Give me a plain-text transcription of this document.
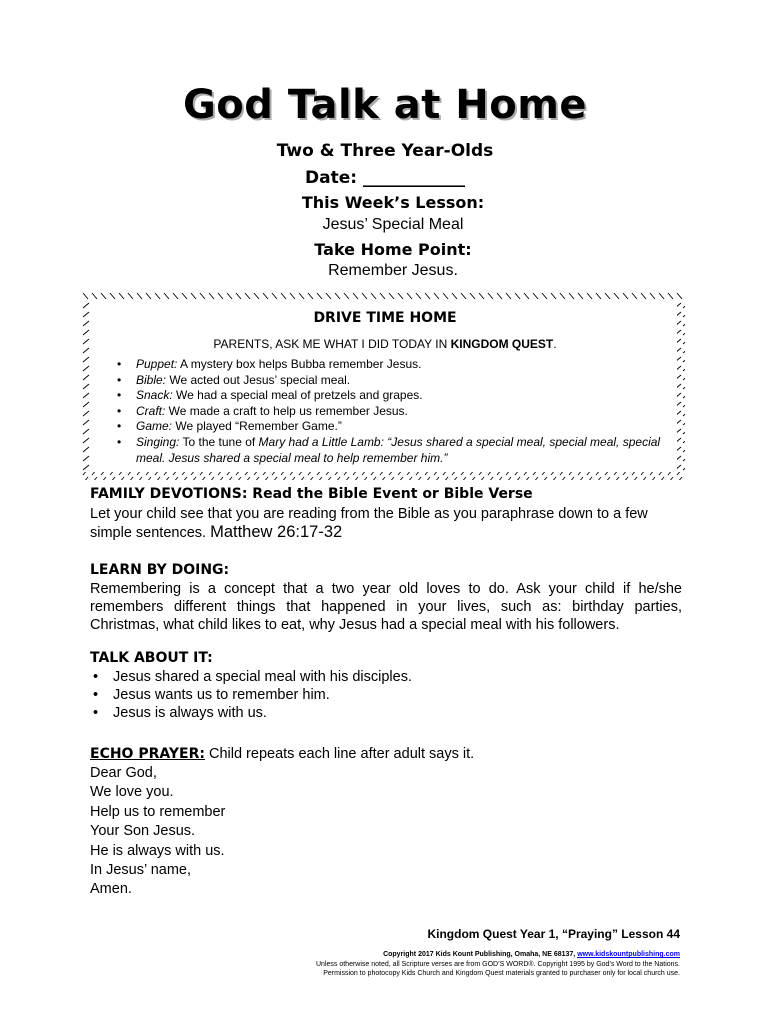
God Talk at Home
Two & Three Year-Olds
Date: ____________
This Week’s Lesson:
Jesus’ Special Meal
Take Home Point:
Remember Jesus.
DRIVE TIME HOME
PARENTS, ASK ME WHAT I DID TODAY IN KINGDOM QUEST.
• Puppet: A mystery box helps Bubba remember Jesus.
• Bible: We acted out Jesus’ special meal.
• Snack: We had a special meal of pretzels and grapes.
• Craft: We made a craft to help us remember Jesus.
• Game: We played “Remember Game.”
• Singing: To the tune of Mary had a Little Lamb: “Jesus shared a special meal, special meal, special meal. Jesus shared a special meal to help remember him.”
FAMILY DEVOTIONS: Read the Bible Event or Bible Verse
Let your child see that you are reading from the Bible as you paraphrase down to a few simple sentences. Matthew 26:17-32
LEARN BY DOING:
Remembering is a concept that a two year old loves to do. Ask your child if he/she remembers different things that happened in your lives, such as: birthday parties, Christmas, what child likes to eat, why Jesus had a special meal with his followers.
TALK ABOUT IT:
• Jesus shared a special meal with his disciples.
• Jesus wants us to remember him.
• Jesus is always with us.
ECHO PRAYER: Child repeats each line after adult says it.
Dear God,
We love you.
Help us to remember
Your Son Jesus.
He is always with us.
In Jesus’ name,
Amen.
Kingdom Quest Year 1, “Praying” Lesson 44
Copyright 2017 Kids Kount Publishing, Omaha, NE 68137, www.kidskountpublishing.com
Unless otherwise noted, all Scripture verses are from GOD’S WORD®. Copyright 1995 by God’s Word to the Nations.
Permission to photocopy Kids Church and Kingdom Quest materials granted to purchaser only for local church use.
